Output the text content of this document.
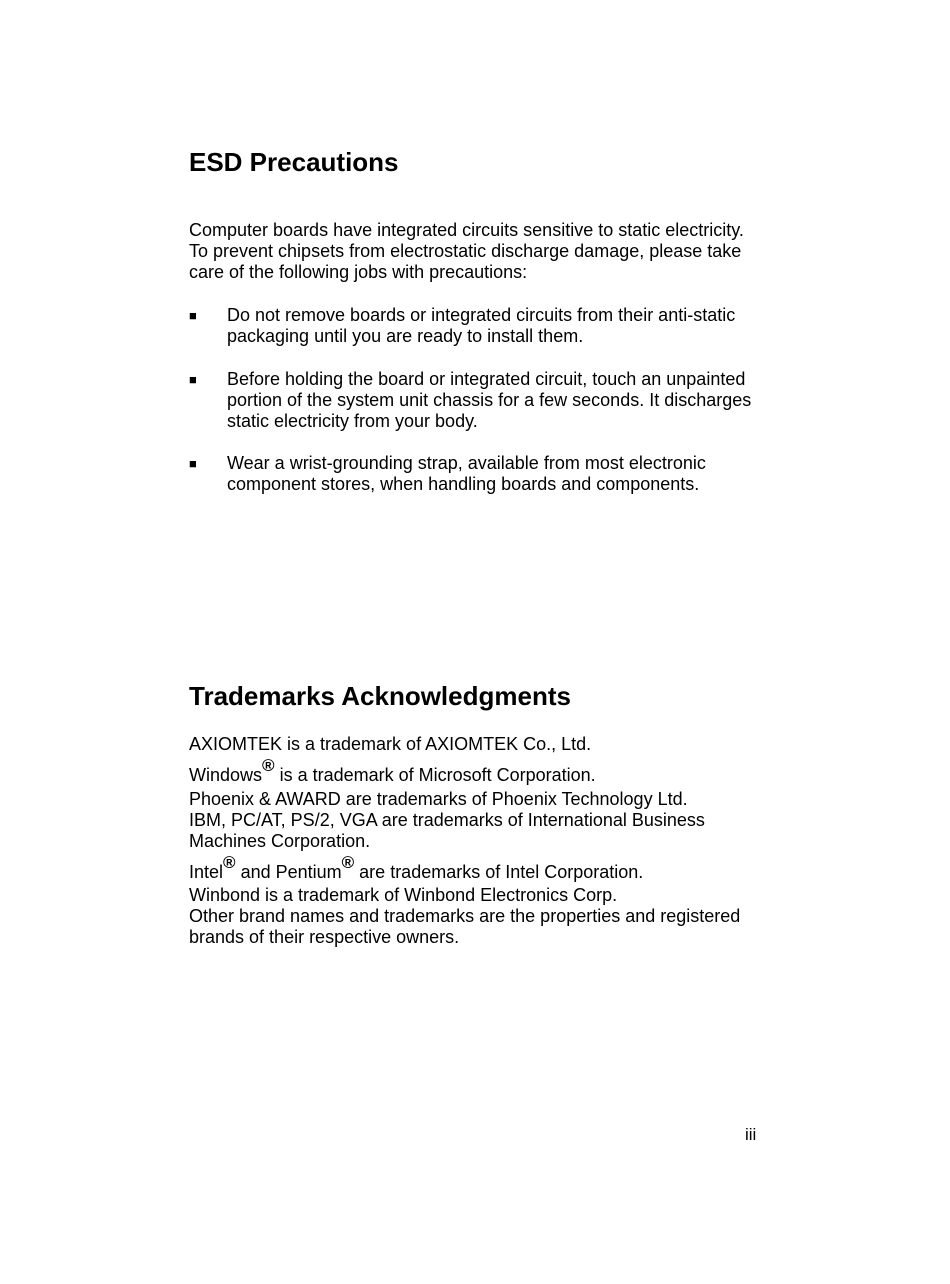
ESD Precautions

Computer boards have integrated circuits sensitive to static electricity. To prevent chipsets from electrostatic discharge damage, please take care of the following jobs with precautions:

■	Do not remove boards or integrated circuits from their anti-static packaging until you are ready to install them.
■	Before holding the board or integrated circuit, touch an unpainted portion of the system unit chassis for a few seconds. It discharges static electricity from your body.
■	Wear a wrist-grounding strap, available from most electronic component stores, when handling boards and components.
Trademarks Acknowledgments

AXIOMTEK is a trademark of AXIOMTEK Co., Ltd.

Windows® is a trademark of Microsoft Corporation.

Phoenix & AWARD are trademarks of Phoenix Technology Ltd.

IBM, PC/AT, PS/2, VGA are trademarks of International Business Machines Corporation.

Intel® and Pentium® are trademarks of Intel Corporation.

Winbond is a trademark of Winbond Electronics Corp.

Other brand names and trademarks are the properties and registered brands of their respective owners.

iii
